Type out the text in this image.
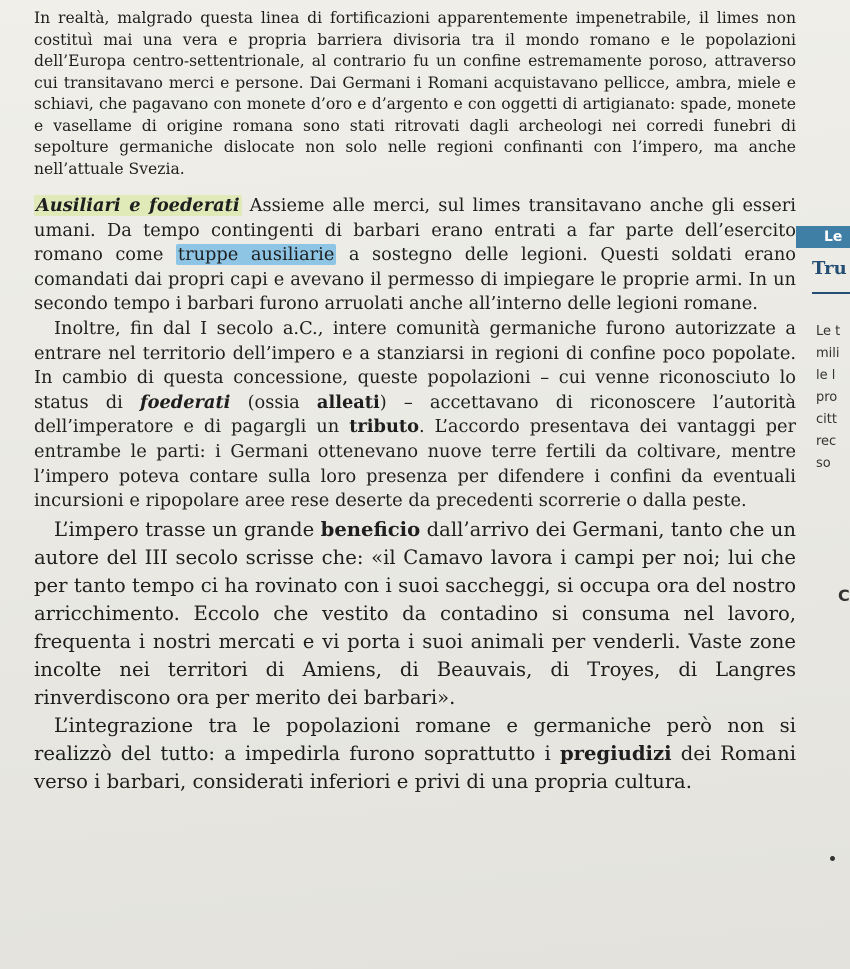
In realtà, malgrado questa linea di fortificazioni apparentemente impenetrabile, il limes non costituì mai una vera e propria barriera divisoria tra il mondo romano e le popolazioni dell’Europa centro-settentrionale, al contrario fu un confine estremamente poroso, attraverso cui transitavano merci e persone. Dai Germani i Romani acquistavano pellicce, ambra, miele e schiavi, che pagavano con monete d’oro e d’argento e con oggetti di artigianato: spade, monete e vasellame di origine romana sono stati ritrovati dagli archeologi nei corredi funebri di sepolture germaniche dislocate non solo nelle regioni confinanti con l’impero, ma anche nell’attuale Svezia.

Ausiliari e foederati Assieme alle merci, sul limes transitavano anche gli esseri umani. Da tempo contingenti di barbari erano entrati a far parte dell’esercito romano come truppe ausiliarie a sostegno delle legioni. Questi soldati erano comandati dai propri capi e avevano il permesso di impiegare le proprie armi. In un secondo tempo i barbari furono arruolati anche all’interno delle legioni romane.

Inoltre, fin dal I secolo a.C., intere comunità germaniche furono autorizzate a entrare nel territorio dell’impero e a stanziarsi in regioni di confine poco popolate. In cambio di questa concessione, queste popolazioni – cui venne riconosciuto lo status di foederati (ossia alleati) – accettavano di riconoscere l’autorità dell’imperatore e di pagargli un tributo. L’accordo presentava dei vantaggi per entrambe le parti: i Germani ottenevano nuove terre fertili da coltivare, mentre l’impero poteva contare sulla loro presenza per difendere i confini da eventuali incursioni e ripopolare aree rese deserte da precedenti scorrerie o dalla peste.

L’impero trasse un grande beneficio dall’arrivo dei Germani, tanto che un autore del III secolo scrisse che: «il Camavo lavora i campi per noi; lui che per tanto tempo ci ha rovinato con i suoi saccheggi, si occupa ora del nostro arricchimento. Eccolo che vestito da contadino si consuma nel lavoro, frequenta i nostri mercati e vi porta i suoi animali per venderli. Vaste zone incolte nei territori di Amiens, di Beauvais, di Troyes, di Langres rinverdiscono ora per merito dei barbari».

L’integrazione tra le popolazioni romane e germaniche però non si realizzò del tutto: a impedirla furono soprattutto i pregiudizi dei Romani verso i barbari, considerati inferiori e privi di una propria cultura.

Le
Tru
Le t
mili
le l
pro
citt
rec
so
C
